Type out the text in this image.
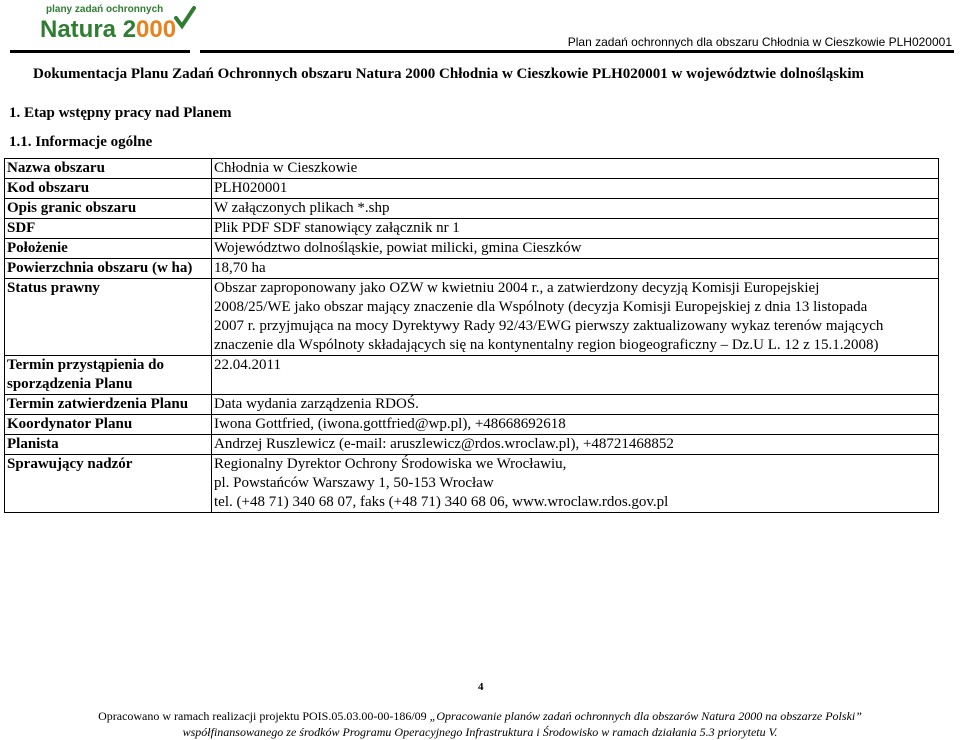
plany zadań ochronnych
Natura 2000	Plan zadań ochronnych dla obszaru Chłodnia w Cieszkowie PLH020001
Dokumentacja Planu Zadań Ochronnych obszaru Natura 2000 Chłodnia w Cieszkowie PLH020001 w województwie dolnośląskim
1. Etap wstępny pracy nad Planem
1.1. Informacje ogólne
Nazwa obszaru	Chłodnia w Cieszkowie

Kod obszaru	PLH020001

Opis granic obszaru	W załączonych plikach *.shp

SDF	Plik PDF SDF stanowiący załącznik nr 1

Położenie	Województwo dolnośląskie, powiat milicki, gmina Cieszków

Powierzchnia obszaru (w ha)	18,70 ha

Status prawny	Obszar zaproponowany jako OZW w kwietniu 2004 r., a zatwierdzony decyzją Komisji Europejskiej
2008/25/WE jako obszar mający znaczenie dla Wspólnoty (decyzja Komisji Europejskiej z dnia 13 listopada
2007 r. przyjmująca na mocy Dyrektywy Rady 92/43/EWG pierwszy zaktualizowany wykaz terenów mających
znaczenie dla Wspólnoty składających się na kontynentalny region biogeograficzny – Dz.U L. 12 z 15.1.2008)

Termin przystąpienia do sporządzenia Planu	22.04.2011

Termin zatwierdzenia Planu	Data wydania zarządzenia RDOŚ.

Koordynator Planu	Iwona Gottfried, (iwona.gottfried@wp.pl), +48668692618

Planista	Andrzej Ruszlewicz (e-mail: aruszlewicz@rdos.wroclaw.pl), +48721468852

Sprawujący nadzór	Regionalny Dyrektor Ochrony Środowiska we Wrocławiu,
pl. Powstańców Warszawy 1, 50-153 Wrocław
tel. (+48 71) 340 68 07, faks (+48 71) 340 68 06, www.wroclaw.rdos.gov.pl
4
Opracowano w ramach realizacji projektu POIS.05.03.00-00-186/09 „Opracowanie planów zadań ochronnych dla obszarów Natura 2000 na obszarze Polski”
współfinansowanego ze środków Programu Operacyjnego Infrastruktura i Środowisko w ramach działania 5.3 priorytetu V.
